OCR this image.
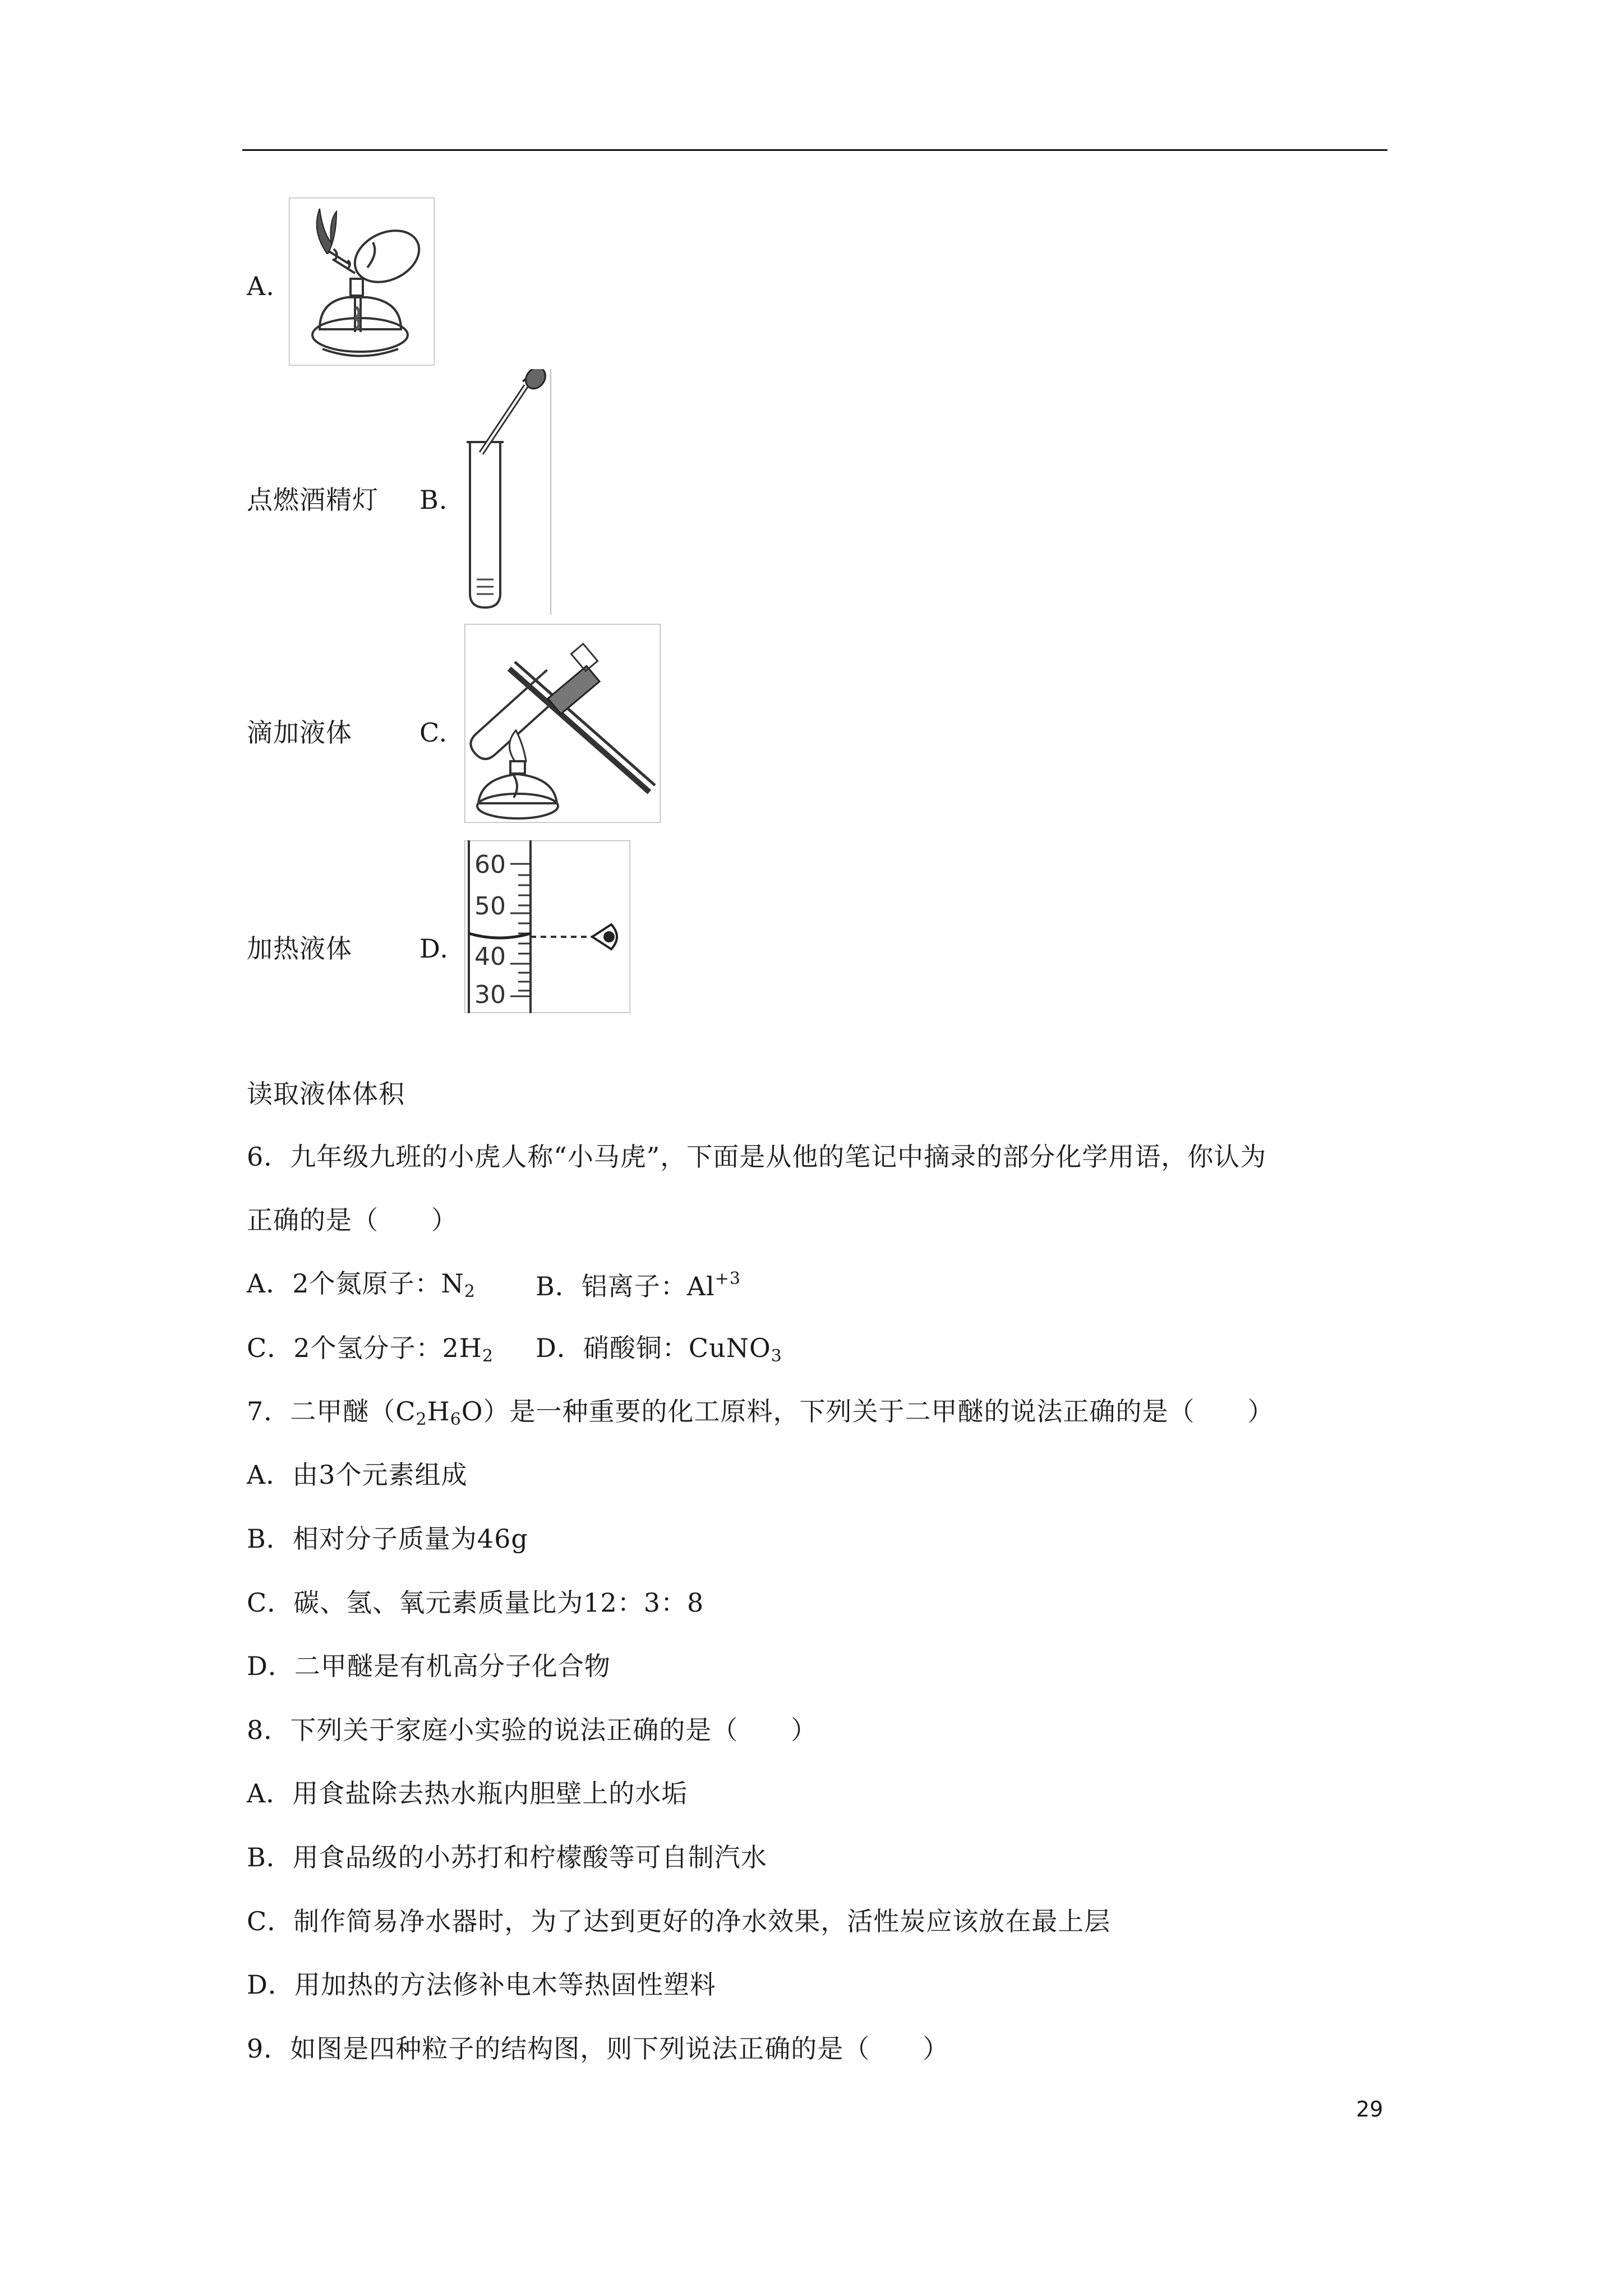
A.
点燃酒精灯 B.
滴加液体	C.
加热液体	D.
60
50
40
30
读取液体体积
6．九年级九班的小虎人称“小马虎”，下面是从他的笔记中摘录的部分化学用语，你认为
正确的是（　　）
A．2个氮原子：$N_2$ B．铝离子：$Al^{+3}$
C．2个氢分子：$2H_2$ D．硝酸铜：CuNO$_3$
7．二甲醚$(C_2H_6O)$是一种重要的化工原料，下列关于二甲醚的说法正确的是（　　）
A．由3个元素组成
B．相对分子质量为46g
C．碳、氢、氧元素质量比为12：3：8
D．二甲醚是有机高分子化合物
8．下列关于家庭小实验的说法正确的是（　　）
A．用食盐除去热水瓶内胆壁上的水垢
B．用食品级的小苏打和柠檬酸等可自制汽水
C．制作简易净水器时，为了达到更好的净水效果，活性炭应该放在最上层
D．用加热的方法修补电木等热固性塑料
9．如图是四种粒子的结构图，则下列说法正确的是（　　）
29
